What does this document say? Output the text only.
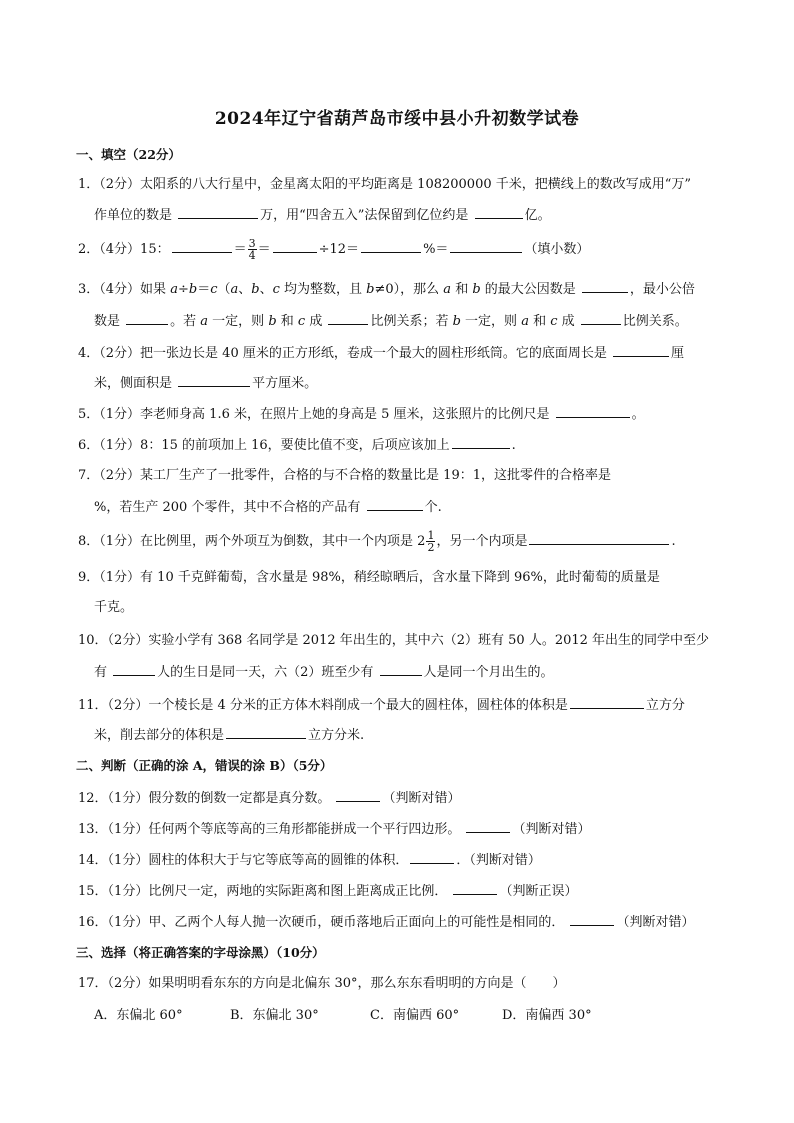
2024年辽宁省葫芦岛市绥中县小升初数学试卷
一、填空（22分）
1．（2分）太阳系的八大行星中，金星离太阳的平均距离是 108200000 千米，把横线上的数改写成用“万”
作单位的数是	万，用“四舍五入”法保留到亿位约是	亿。
2．（4分）15：	＝ $\frac{3}{4}$ ＝	÷12＝	%＝	（填小数）
3．（4分）如果 a÷b＝c（a、b、c 均为整数，且 b≠0），那么 a 和 b 的最大公因数是	，最小公倍
数是	。若 a 一定，则 b 和 c 成	比例关系；若 b 一定，则 a 和 c 成	比例关系。
4．（2分）把一张边长是 40 厘米的正方形纸，卷成一个最大的圆柱形纸筒。它的底面周长是	厘
米，侧面积是	平方厘米。
5．（1分）李老师身高 1.6 米，在照片上她的身高是 5 厘米，这张照片的比例尺是	。
6．（1分）8：15 的前项加上 16，要使比值不变，后项应该加上	.
7．（2分）某工厂生产了一批零件，合格的与不合格的数量比是 19：1，这批零件的合格率是
%，若生产 200 个零件，其中不合格的产品有	个.
8．（1分）在比例里，两个外项互为倒数，其中一个内项是 $2 \frac{1}{2}$ ，另一个内项是	.
9．（1分）有 10 千克鲜葡萄，含水量是 98%，稍经晾晒后，含水量下降到 96%，此时葡萄的质量是
千克。
10．（2分）实验小学有 368 名同学是 2012 年出生的，其中六（2）班有 50 人。2012 年出生的同学中至少
有	人的生日是同一天，六（2）班至少有	人是同一个月出生的。
11．（2分）一个棱长是 4 分米的正方体木料削成一个最大的圆柱体，圆柱体的体积是	立方分
米，削去部分的体积是	立方分米.
二、判断（正确的涂 A，错误的涂 B）（5分）
12．（1分）假分数的倒数一定都是真分数。	（判断对错）
13．（1分）任何两个等底等高的三角形都能拼成一个平行四边形。	（判断对错）
14．（1分）圆柱的体积大于与它等底等高的圆锥的体积．	．（判断对错）
15．（1分）比例尺一定，两地的实际距离和图上距离成正比例．	（判断正误）
16．（1分）甲、乙两个人每人抛一次硬币，硬币落地后正面向上的可能性是相同的．	（判断对错）
三、选择（将正确答案的字母涂黑）（10分）
17．（2分）如果明明看东东的方向是北偏东 30°，那么东东看明明的方向是（　　）
A．东偏北 60°	B．东偏北 30°	C．南偏西 60°	D．南偏西 30°
